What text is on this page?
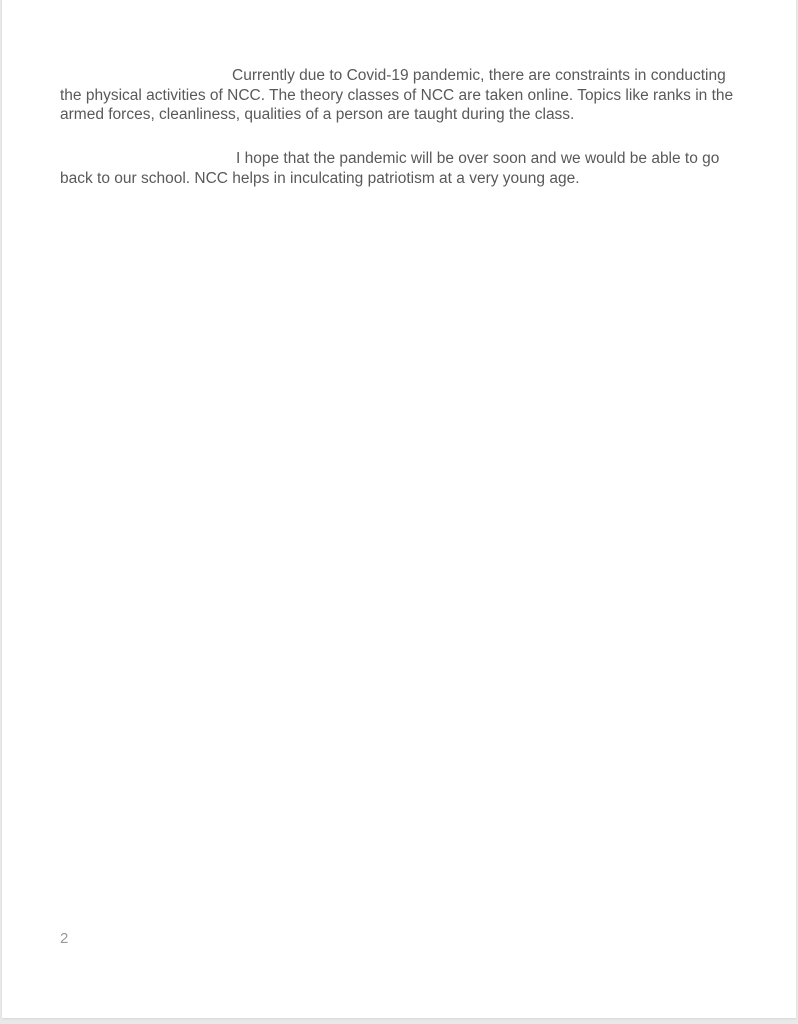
Currently due to Covid-19 pandemic, there are constraints in conducting
the physical activities of NCC. The theory classes of NCC are taken online. Topics like ranks in the
armed forces, cleanliness, qualities of a person are taught during the class.
I hope that the pandemic will be over soon and we would be able to go
back to our school. NCC helps in inculcating patriotism at a very young age.
2
